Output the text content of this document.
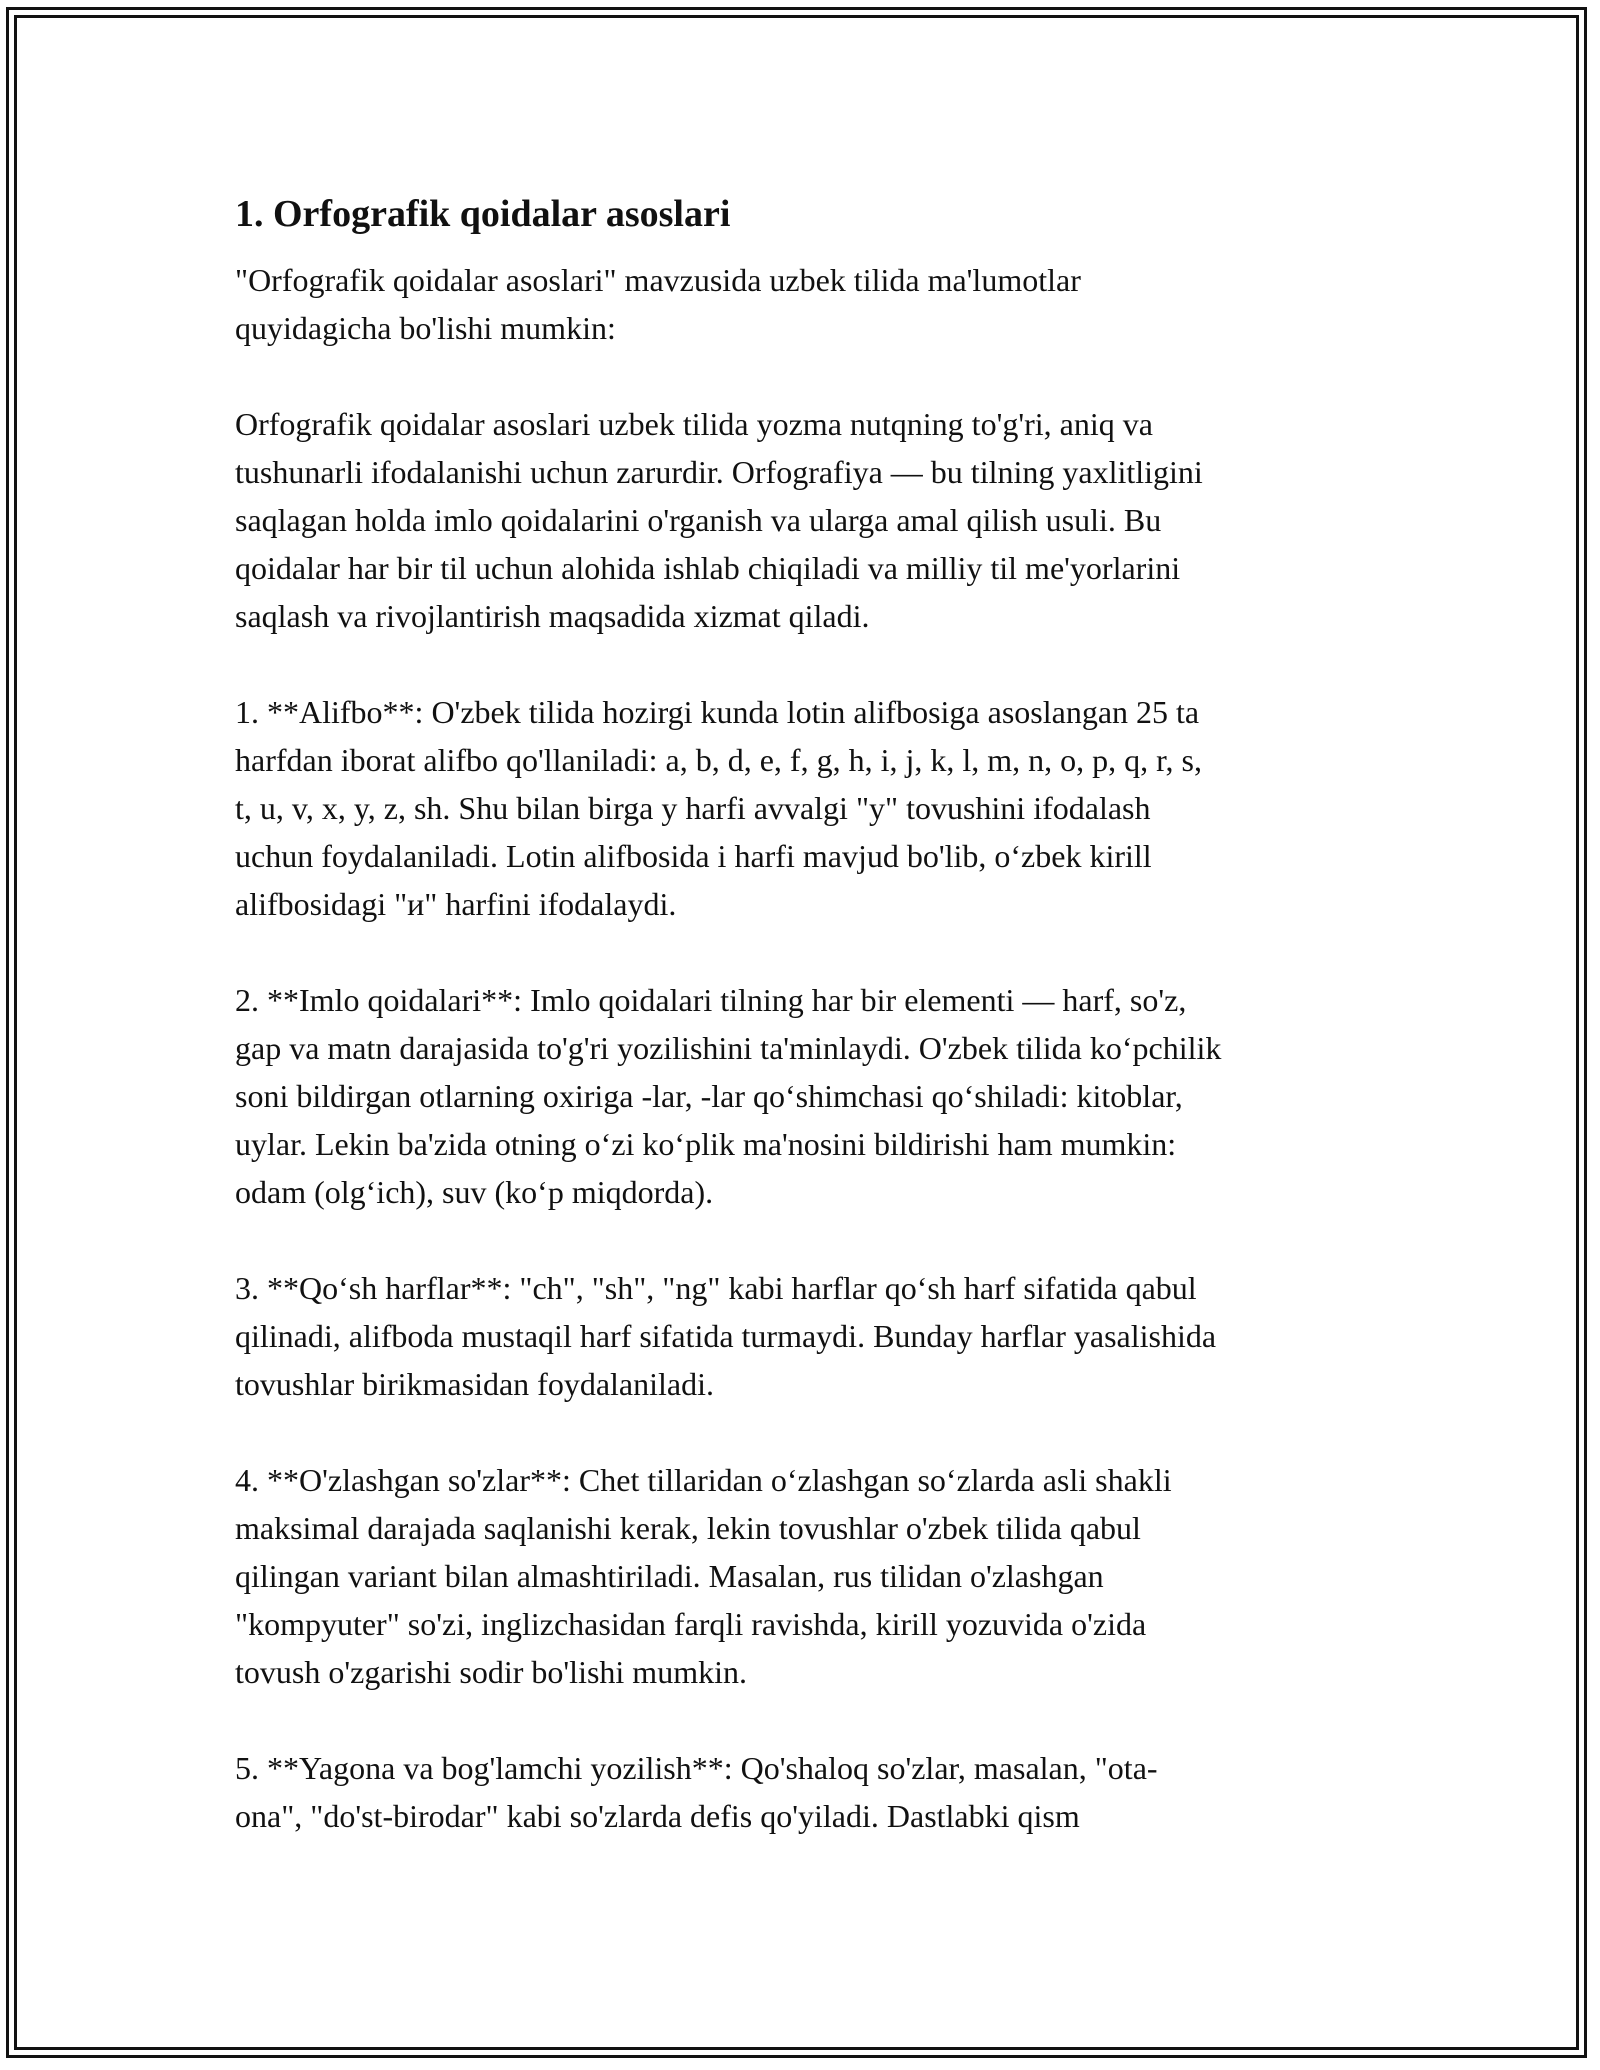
1. Orfografik qoidalar asoslari

"Orfografik qoidalar asoslari" mavzusida uzbek tilida ma'lumotlar
quyidagicha bo'lishi mumkin:

Orfografik qoidalar asoslari uzbek tilida yozma nutqning to'g'ri, aniq va
tushunarli ifodalanishi uchun zarurdir. Orfografiya — bu tilning yaxlitligini
saqlagan holda imlo qoidalarini o'rganish va ularga amal qilish usuli. Bu
qoidalar har bir til uchun alohida ishlab chiqiladi va milliy til me'yorlarini
saqlash va rivojlantirish maqsadida xizmat qiladi.

1. **Alifbo**: O'zbek tilida hozirgi kunda lotin alifbosiga asoslangan 25 ta
harfdan iborat alifbo qo'llaniladi: a, b, d, e, f, g, h, i, j, k, l, m, n, o, p, q, r, s,
t, u, v, x, y, z, sh. Shu bilan birga y harfi avvalgi "у" tovushini ifodalash
uchun foydalaniladi. Lotin alifbosida i harfi mavjud bo'lib, oʻzbek kirill
alifbosidagi "и" harfini ifodalaydi.

2. **Imlo qoidalari**: Imlo qoidalari tilning har bir elementi — harf, so'z,
gap va matn darajasida to'g'ri yozilishini ta'minlaydi. O'zbek tilida koʻpchilik
soni bildirgan otlarning oxiriga -lar, -lar qoʻshimchasi qoʻshiladi: kitoblar,
uylar. Lekin ba'zida otning oʻzi koʻplik ma'nosini bildirishi ham mumkin:
odam (olgʻich), suv (koʻp miqdorda).

3. **Qoʻsh harflar**: "ch", "sh", "ng" kabi harflar qoʻsh harf sifatida qabul
qilinadi, alifboda mustaqil harf sifatida turmaydi. Bunday harflar yasalishida
tovushlar birikmasidan foydalaniladi.

4. **O'zlashgan so'zlar**: Chet tillaridan oʻzlashgan soʻzlarda asli shakli
maksimal darajada saqlanishi kerak, lekin tovushlar o'zbek tilida qabul
qilingan variant bilan almashtiriladi. Masalan, rus tilidan o'zlashgan
"kompyuter" so'zi, inglizchasidan farqli ravishda, kirill yozuvida o'zida
tovush o'zgarishi sodir bo'lishi mumkin.

5. **Yagona va bog'lamchi yozilish**: Qo'shaloq so'zlar, masalan, "ota-
ona", "do'st-birodar" kabi so'zlarda defis qo'yiladi. Dastlabki qism
